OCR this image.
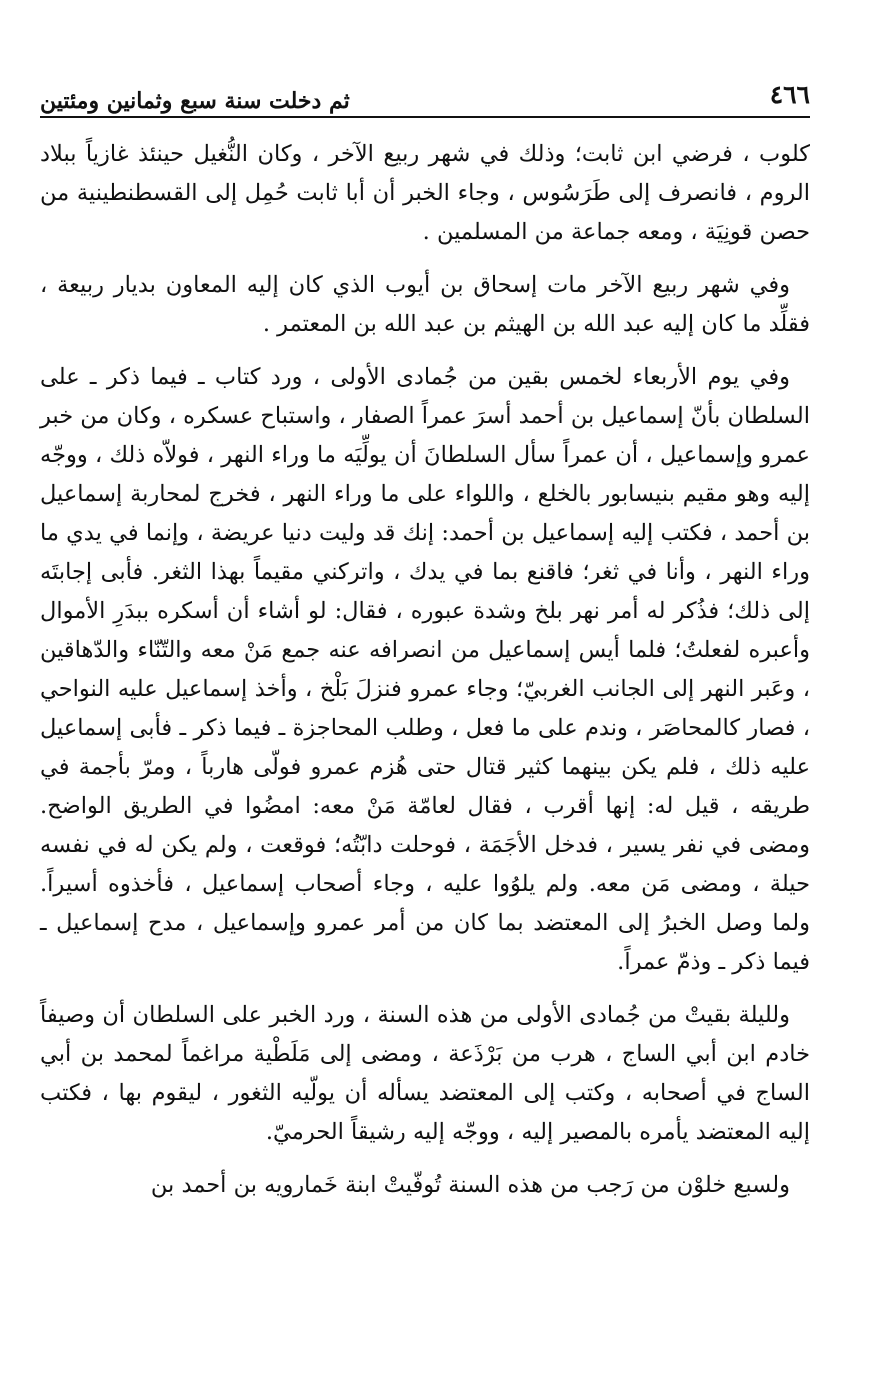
٤٦٦
ثم دخلت سنة سبع وثمانين ومئتين

كلوب ، فرضي ابن ثابت؛ وذلك في شهر ربيع الآخر ، وكان النُّغيل حينئذ غازياً ببلاد الروم ، فانصرف إلى طَرَسُوس ، وجاء الخبر أن أبا ثابت حُمِل إلى القسطنطينية من حصن قونِيَة ، ومعه جماعة من المسلمين .

وفي شهر ربيع الآخر مات إسحاق بن أيوب الذي كان إليه المعاون بديار ربيعة ، فقلِّد ما كان إليه عبد الله بن الهيثم بن عبد الله بن المعتمر .

وفي يوم الأربعاء لخمس بقين من جُمادى الأولى ، ورد كتاب ـ فيما ذكر ـ على السلطان بأنّ إسماعيل بن أحمد أسرَ عمراً الصفار ، واستباح عسكره ، وكان من خبر عمرو وإسماعيل ، أن عمراً سأل السلطانَ أن يولِّيَه ما وراء النهر ، فولاّه ذلك ، ووجّه إليه وهو مقيم بنيسابور بالخلع ، واللواء على ما وراء النهر ، فخرج لمحاربة إسماعيل بن أحمد ، فكتب إليه إسماعيل بن أحمد: إنك قد وليت دنيا عريضة ، وإنما في يدي ما وراء النهر ، وأنا في ثغر؛ فاقنع بما في يدك ، واتركني مقيماً بهذا الثغر. فأبى إجابتَه إلى ذلك؛ فذُكر له أمر نهر بلخ وشدة عبوره ، فقال: لو أشاء أن أسكره ببدَرِ الأموال وأعبره لفعلتُ؛ فلما أيس إسماعيل من انصرافه عنه جمع مَنْ معه والتّنّاء والدّهاقين ، وعَبر النهر إلى الجانب الغربيّ؛ وجاء عمرو فنزلَ بَلْخ ، وأخذ إسماعيل عليه النواحي ، فصار كالمحاصَر ، وندم على ما فعل ، وطلب المحاجزة ـ فيما ذكر ـ فأبى إسماعيل عليه ذلك ، فلم يكن بينهما كثير قتال حتى هُزم عمرو فولّى هارباً ، ومرّ بأجمة في طريقه ، قيل له: إنها أقرب ، فقال لعامّة مَنْ معه: امضُوا في الطريق الواضح. ومضى في نفر يسير ، فدخل الأجَمَة ، فوحلت دابّتُه؛ فوقعت ، ولم يكن له في نفسه حيلة ، ومضى مَن معه. ولم يلوُوا عليه ، وجاء أصحاب إسماعيل ، فأخذوه أسيراً. ولما وصل الخبرُ إلى المعتضد بما كان من أمر عمرو وإسماعيل ، مدح إسماعيل ـ فيما ذكر ـ وذمّ عمراً.

ولليلة بقيتْ من جُمادى الأولى من هذه السنة ، ورد الخبر على السلطان أن وصيفاً خادم ابن أبي الساج ، هرب من بَرْذَعة ، ومضى إلى مَلَطْية مراغماً لمحمد بن أبي الساج في أصحابه ، وكتب إلى المعتضد يسأله أن يولّيه الثغور ، ليقوم بها ، فكتب إليه المعتضد يأمره بالمصير إليه ، ووجّه إليه رشيقاً الحرميّ.

ولسبع خلوْن من رَجب من هذه السنة تُوفّيتْ ابنة خَمارويه بن أحمد بن
